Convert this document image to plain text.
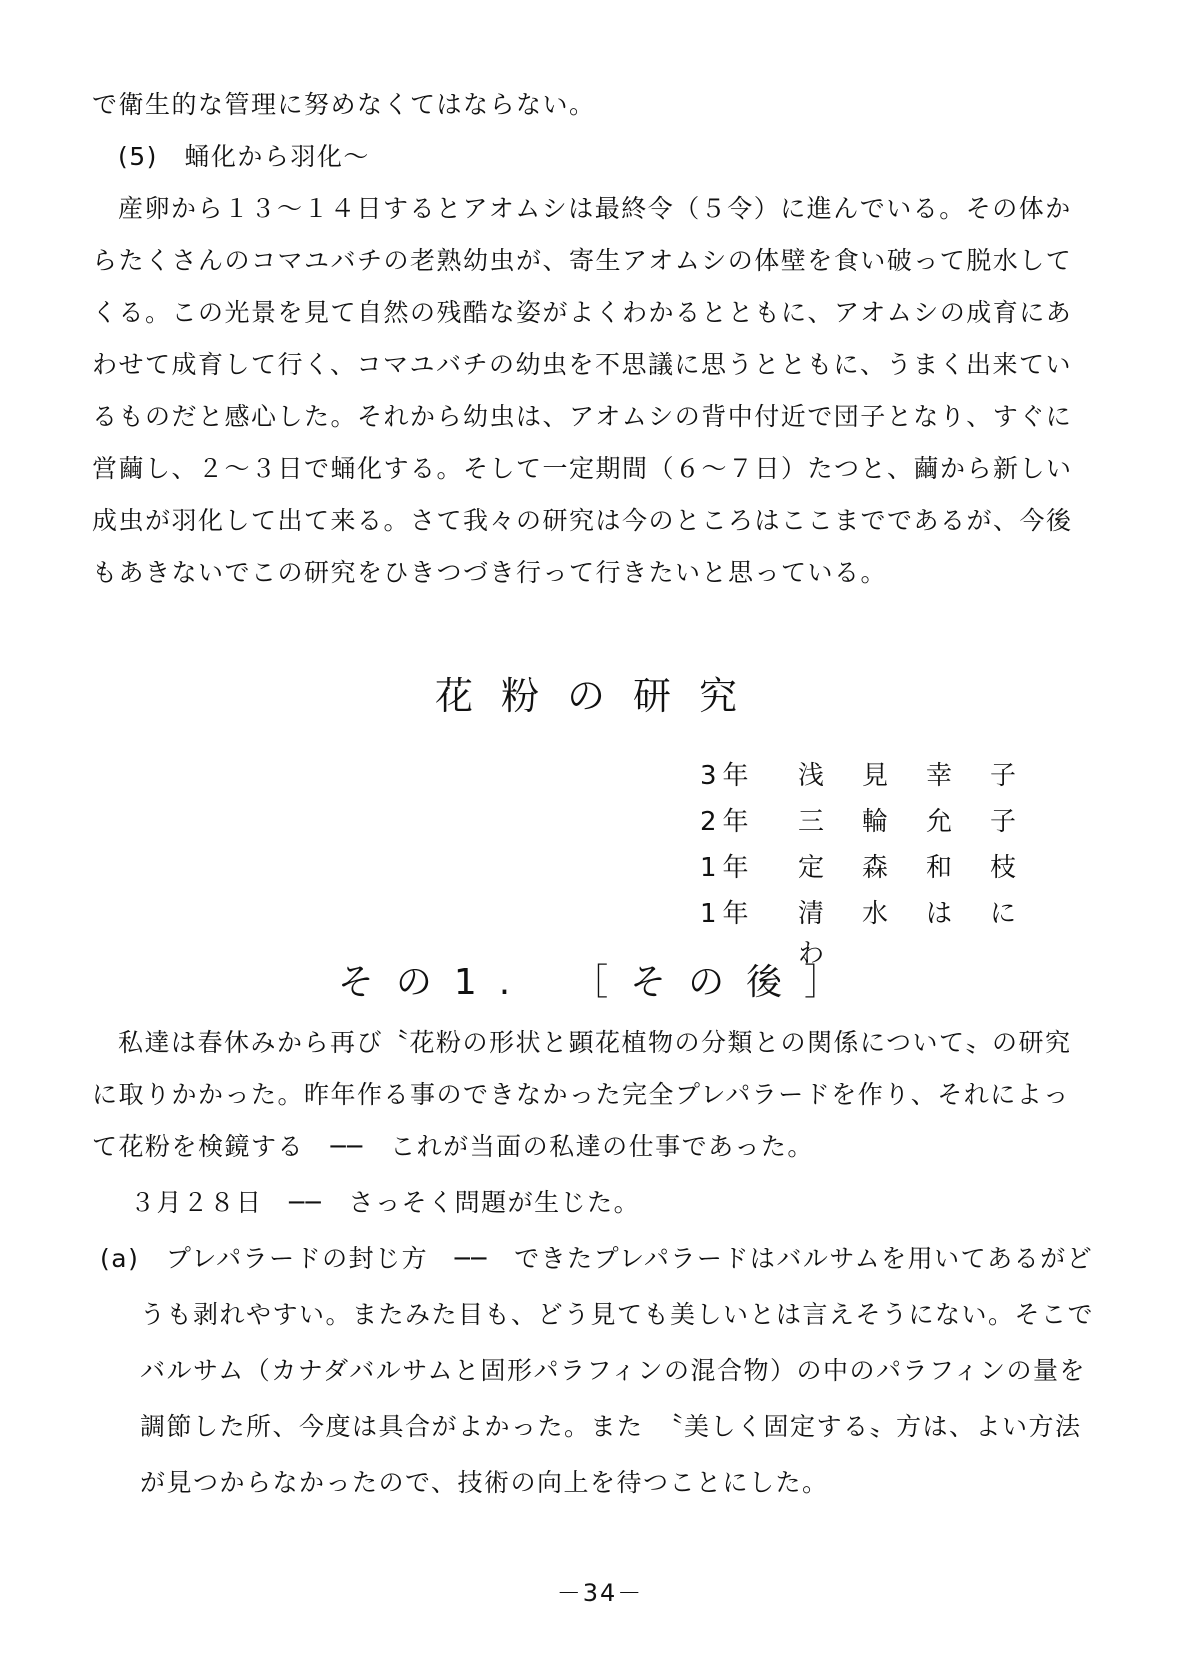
で衛生的な管理に努めなくてはならない。
(5)　蛹化から羽化〜
産卵から１３〜１４日するとアオムシは最終令（５令）に進んでいる。その体か
らたくさんのコマユバチの老熟幼虫が、寄生アオムシの体壁を食い破って脱水して
くる。この光景を見て自然の残酷な姿がよくわかるとともに、アオムシの成育にあ
わせて成育して行く、コマユバチの幼虫を不思議に思うとともに、うまく出来てい
るものだと感心した。それから幼虫は、アオムシの背中付近で団子となり、すぐに
営繭し、２〜３日で蛹化する。そして一定期間（６〜７日）たつと、繭から新しい
成虫が羽化して出て来る。さて我々の研究は今のところはここまでであるが、今後
もあきないでこの研究をひきつづき行って行きたいと思っている。
花粉の研究
3年	浅見幸子
2年	三輪允子
1年	定森和枝
1年	清水はにわ
その1.　［その後］
私達は春休みから再び〝花粉の形状と顕花植物の分類との関係について〟の研究
に取りかかった。昨年作る事のできなかった完全プレパラードを作り、それによっ
て花粉を検鏡する　──　これが当面の私達の仕事であった。
３月２８日　──　さっそく問題が生じた。
(a)　プレパラードの封じ方　──　できたプレパラードはバルサムを用いてあるがど
うも剥れやすい。またみた目も、どう見ても美しいとは言えそうにない。そこで
バルサム（カナダバルサムと固形パラフィンの混合物）の中のパラフィンの量を
調節した所、今度は具合がよかった。また　〝美しく固定する〟方は、よい方法
が見つからなかったので、技術の向上を待つことにした。
－34－
